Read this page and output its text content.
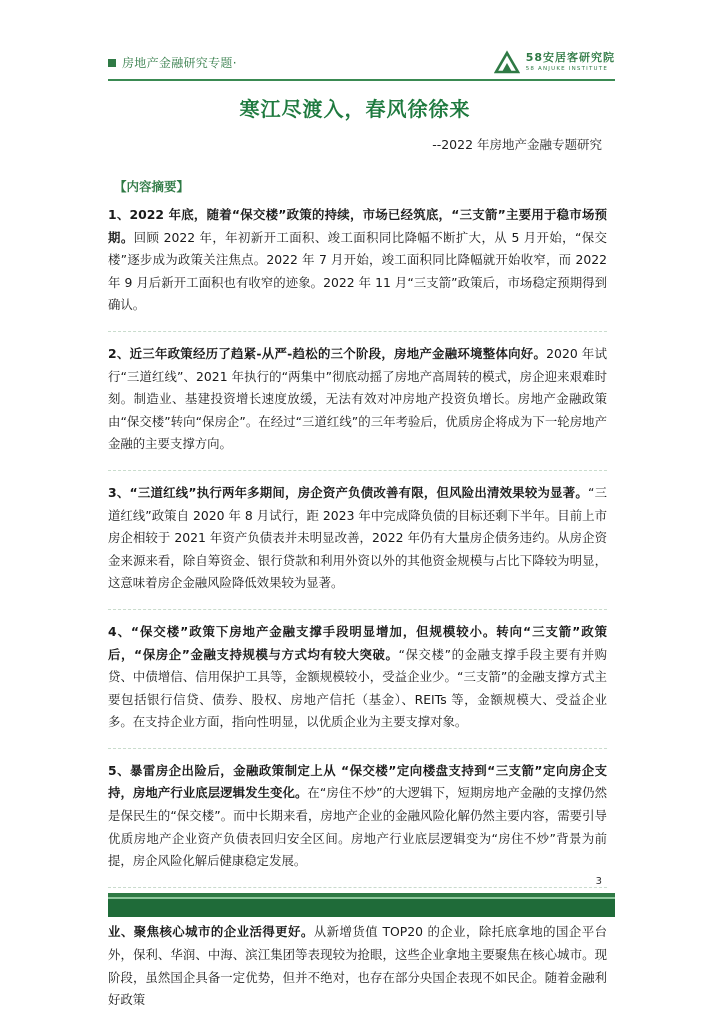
房地产金融研究专题·	58安居客研究院
58 ANJUKE INSTITUTE
寒江尽渡入，春风徐徐来
--2022 年房地产金融专题研究
【内容摘要】

1、2022 年底，随着“保交楼”政策的持续，市场已经筑底，“三支箭”主要用于稳市场预期。回顾 2022 年，年初新开工面积、竣工面积同比降幅不断扩大，从 5 月开始，“保交楼”逐步成为政策关注焦点。2022 年 7 月开始，竣工面积同比降幅就开始收窄，而 2022 年 9 月后新开工面积也有收窄的迹象。2022 年 11 月“三支箭”政策后，市场稳定预期得到确认。

2、近三年政策经历了趋紧-从严-趋松的三个阶段，房地产金融环境整体向好。2020 年试行“三道红线”、2021 年执行的“两集中”彻底动摇了房地产高周转的模式，房企迎来艰难时刻。制造业、基建投资增长速度放缓，无法有效对冲房地产投资负增长。房地产金融政策由“保交楼”转向“保房企”。在经过“三道红线”的三年考验后，优质房企将成为下一轮房地产金融的主要支撑方向。

3、“三道红线”执行两年多期间，房企资产负债改善有限，但风险出清效果较为显著。“三道红线”政策自 2020 年 8 月试行，距 2023 年中完成降负债的目标还剩下半年。目前上市房企相较于 2021 年资产负债表并未明显改善，2022 年仍有大量房企债务违约。从房企资金来源来看，除自筹资金、银行贷款和利用外资以外的其他资金规模与占比下降较为明显，这意味着房企金融风险降低效果较为显著。

4、“保交楼”政策下房地产金融支撑手段明显增加，但规模较小。转向“三支箭”政策后，“保房企”金融支持规模与方式均有较大突破。“保交楼”的金融支撑手段主要有并购贷、中债增信、信用保护工具等，金额规模较小，受益企业少。“三支箭”的金融支撑方式主要包括银行信贷、债券、股权、房地产信托（基金）、REITs 等，金额规模大、受益企业多。在支持企业方面，指向性明显，以优质企业为主要支撑对象。

5、暴雷房企出险后，金融政策制定上从 “保交楼”定向楼盘支持到“三支箭”定向房企支持，房地产行业底层逻辑发生变化。在“房住不炒”的大逻辑下，短期房地产金融的支撑仍然是保民生的“保交楼”。而中长期来看，房地产企业的金融风险化解仍然主要内容，需要引导优质房地产企业资产负债表回归安全区间。房地产行业底层逻辑变为“房住不炒”背景为前提，房企风险化解后健康稳定发展。

业、聚焦核心城市的企业活得更好。从新增货值 TOP20 的企业，除托底拿地的国企平台外，保利、华润、中海、滨江集团等表现较为抢眼，这些企业拿地主要聚焦在核心城市。现阶段，虽然国企具备一定优势，但并不绝对，也存在部分央国企表现不如民企。随着金融利好政策

3
